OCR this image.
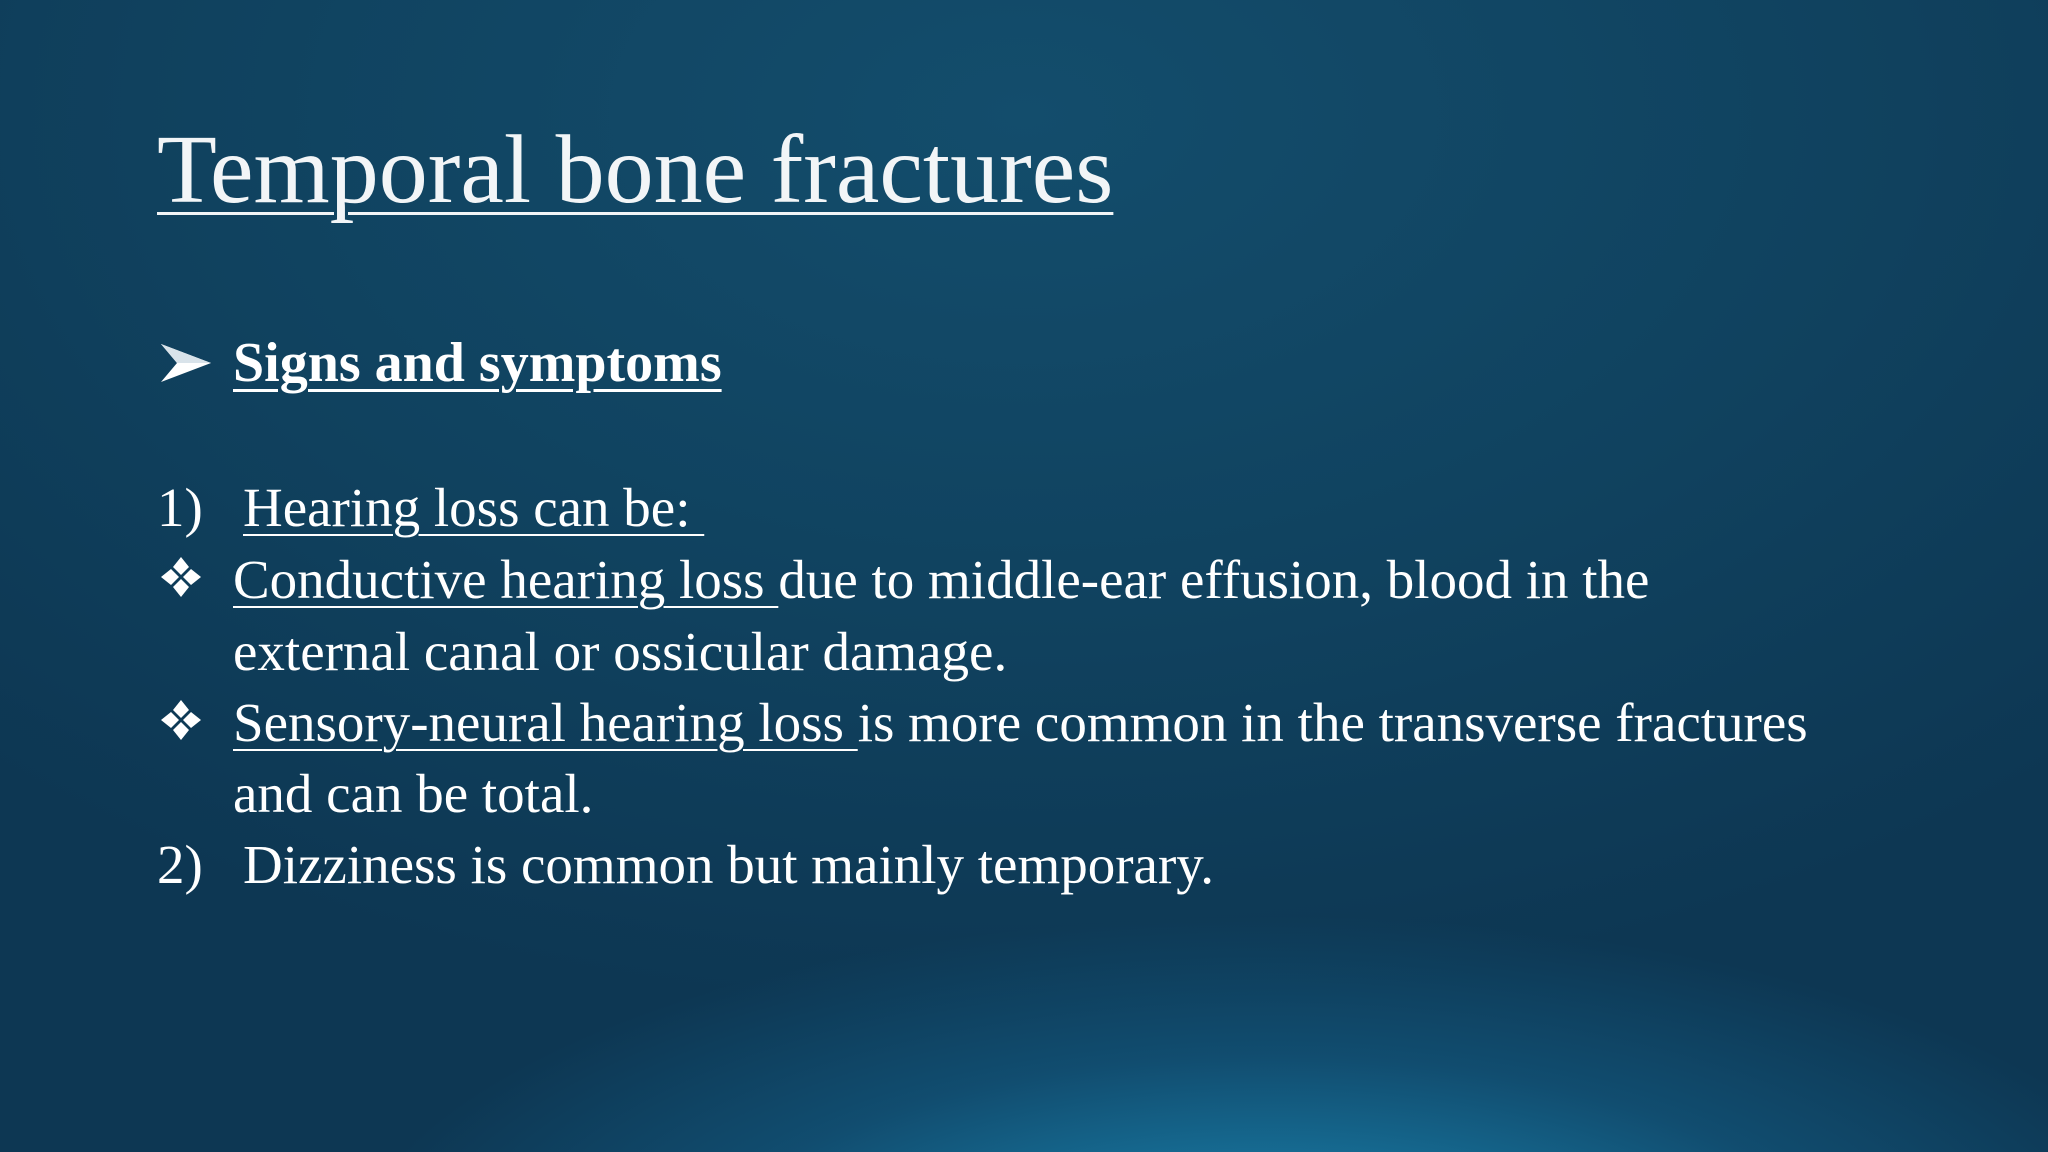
Temporal bone fractures
Signs and symptoms
1) Hearing loss can be:
Conductive hearing loss due to middle-ear effusion, blood in the
external canal or ossicular damage.
Sensory-neural hearing loss is more common in the transverse fractures
and can be total.
2) Dizziness is common but mainly temporary.
